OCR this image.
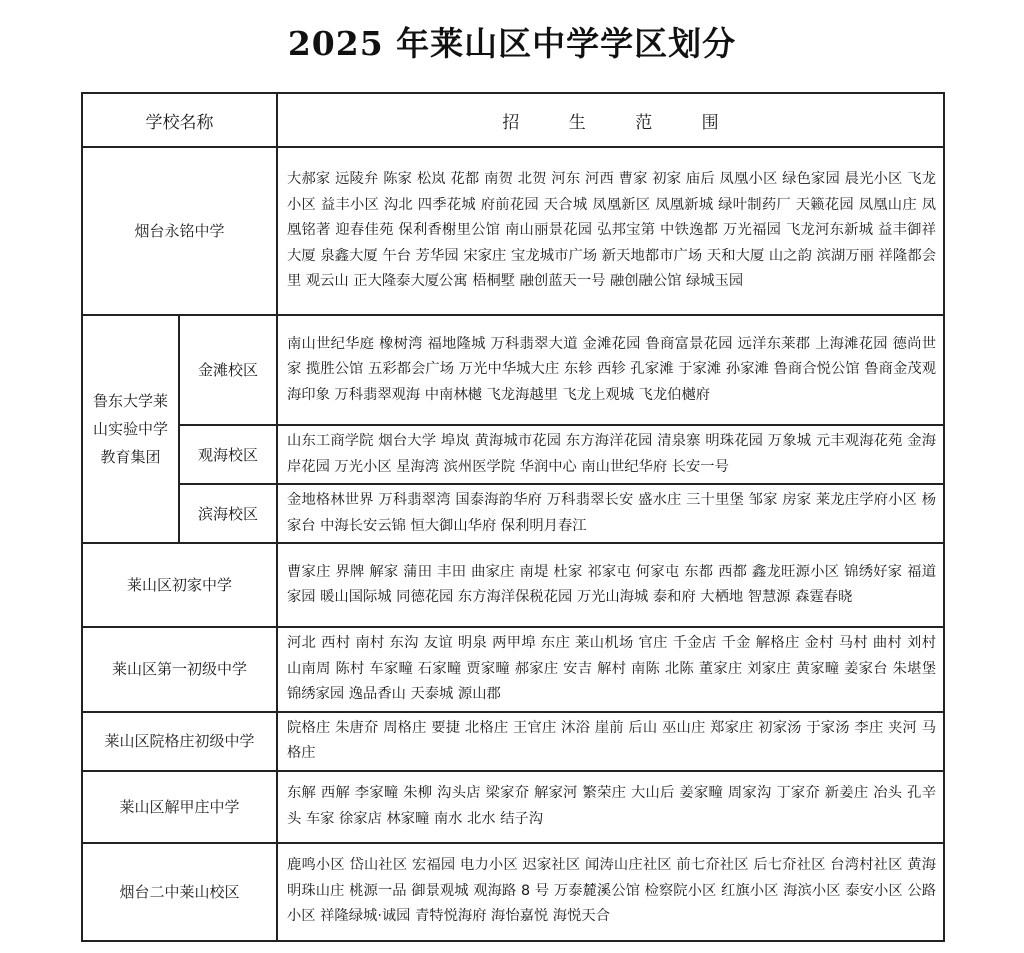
2025 年莱山区中学学区划分
学校名称		招 生 范 围
烟台永铭中学		大郝家 远陵弁 陈家 松岚 花都 南贺 北贺 河东 河西 曹家 初家 庙后 凤凰小区 绿色家园 晨光小区 飞龙小区 益丰小区 沟北 四季花城 府前花园 天合城 凤凰新区 凤凰新城 绿叶制药厂 天籁花园 凤凰山庄 凤凰铭著 迎春佳苑 保利香榭里公馆 南山丽景花园 弘邦宝第 中铁逸都 万光福园 飞龙河东新城 益丰御祥大厦 泉鑫大厦 午台 芳华园 宋家庄 宝龙城市广场 新天地都市广场 天和大厦 山之韵 滨湖万丽 祥隆都会里 观云山 正大隆泰大厦公寓 梧桐墅 融创蓝天一号 融创融公馆 绿城玉园
鲁东大学莱山实验中学教育集团	金滩校区	南山世纪华庭 橡树湾 福地隆城 万科翡翠大道 金滩花园 鲁商富景花园 远洋东莱郡 上海滩花园 德尚世家 揽胜公馆 五彩都会广场 万光中华城大庄 东轸 西轸 孔家滩 于家滩 孙家滩 鲁商合悦公馆 鲁商金茂观海印象 万科翡翠观海 中南林樾 飞龙海越里 飞龙上观城 飞龙伯樾府
	观海校区	山东工商学院 烟台大学 埠岚 黄海城市花园 东方海洋花园 清泉寨 明珠花园 万象城 元丰观海花苑 金海岸花园 万光小区 星海湾 滨州医学院 华润中心 南山世纪华府 长安一号
	滨海校区	金地格林世界 万科翡翠湾 国泰海韵华府 万科翡翠长安 盛水庄 三十里堡 邹家 房家 莱龙庄学府小区 杨家台 中海长安云锦 恒大御山华府 保利明月春江
莱山区初家中学		曹家庄 界牌 解家 蒲田 丰田 曲家庄 南堤 杜家 祁家屯 何家屯 东都 西都 鑫龙旺源小区 锦绣好家 福道家园 暖山国际城 同德花园 东方海洋保税花园 万光山海城 泰和府 大栖地 智慧源 森霆春晓
莱山区第一初级中学		河北 西村 南村 东沟 友谊 明泉 两甲埠 东庄 莱山机场 官庄 千金店 千金 解格庄 金村 马村 曲村 刘村 山南周 陈村 车家疃 石家疃 贾家疃 郝家庄 安吉 解村 南陈 北陈 董家庄 刘家庄 黄家疃 姜家台 朱堪堡 锦绣家园 逸品香山 天泰城 源山郡
莱山区院格庄初级中学		院格庄 朱唐夼 周格庄 要捷 北格庄 王官庄 沐浴 崖前 后山 巫山庄 郑家庄 初家汤 于家汤 李庄 夹河 马格庄
莱山区解甲庄中学		东解 西解 李家疃 朱柳 沟头店 梁家夼 解家河 繁荣庄 大山后 姜家疃 周家沟 丁家夼 新姜庄 冶头 孔辛头 车家 徐家店 林家疃 南水 北水 结子沟
烟台二中莱山校区		鹿鸣小区 岱山社区 宏福园 电力小区 迟家社区 闻涛山庄社区 前七夼社区 后七夼社区 台湾村社区 黄海明珠山庄 桃源一品 御景观城 观海路 8 号 万泰麓溪公馆 检察院小区 红旗小区 海滨小区 泰安小区 公路小区 祥隆绿城·诚园 青特悦海府 海怡嘉悦 海悦天合
